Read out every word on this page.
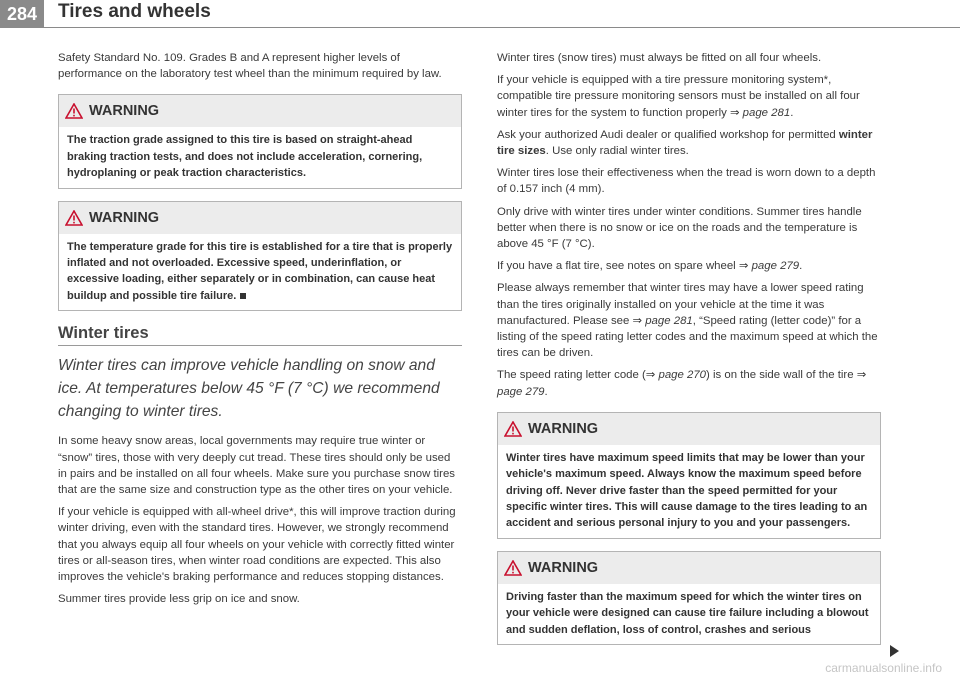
284	Tires and wheels

Safety Standard No. 109. Grades B and A represent higher levels of performance on the laboratory test wheel than the minimum required by law.

WARNING
The traction grade assigned to this tire is based on straight-ahead braking traction tests, and does not include acceleration, cornering, hydroplaning or peak traction characteristics.
WARNING
The temperature grade for this tire is established for a tire that is properly inflated and not overloaded. Excessive speed, underinflation, or excessive loading, either separately or in combination, can cause heat buildup and possible tire failure.
Winter tires
Winter tires can improve vehicle handling on snow and ice. At temperatures below 45 °F (7 °C) we recommend changing to winter tires.

In some heavy snow areas, local governments may require true winter or “snow” tires, those with very deeply cut tread. These tires should only be used in pairs and be installed on all four wheels. Make sure you purchase snow tires that are the same size and construction type as the other tires on your vehicle.

If your vehicle is equipped with all-wheel drive*, this will improve traction during winter driving, even with the standard tires. However, we strongly recommend that you always equip all four wheels on your vehicle with correctly fitted winter tires or all-season tires, when winter road conditions are expected. This also improves the vehicle's braking performance and reduces stopping distances.

Summer tires provide less grip on ice and snow.

Winter tires (snow tires) must always be fitted on all four wheels.

If your vehicle is equipped with a tire pressure monitoring system*, compatible tire pressure monitoring sensors must be installed on all four winter tires for the system to function properly ⇒ page 281.

Ask your authorized Audi dealer or qualified workshop for permitted winter tire sizes. Use only radial winter tires.

Winter tires lose their effectiveness when the tread is worn down to a depth of 0.157 inch (4 mm).

Only drive with winter tires under winter conditions. Summer tires handle better when there is no snow or ice on the roads and the temperature is above 45 °F (7 °C).

If you have a flat tire, see notes on spare wheel ⇒ page 279.

Please always remember that winter tires may have a lower speed rating than the tires originally installed on your vehicle at the time it was manufactured. Please see ⇒ page 281, “Speed rating (letter code)” for a listing of the speed rating letter codes and the maximum speed at which the tires can be driven.

The speed rating letter code (⇒ page 270) is on the side wall of the tire ⇒ page 279.

WARNING
Winter tires have maximum speed limits that may be lower than your vehicle's maximum speed. Always know the maximum speed before driving off. Never drive faster than the speed permitted for your specific winter tires. This will cause damage to the tires leading to an accident and serious personal injury to you and your passengers.
WARNING
Driving faster than the maximum speed for which the winter tires on your vehicle were designed can cause tire failure including a blowout and sudden deflation, loss of control, crashes and serious
carmanualsonline.info
